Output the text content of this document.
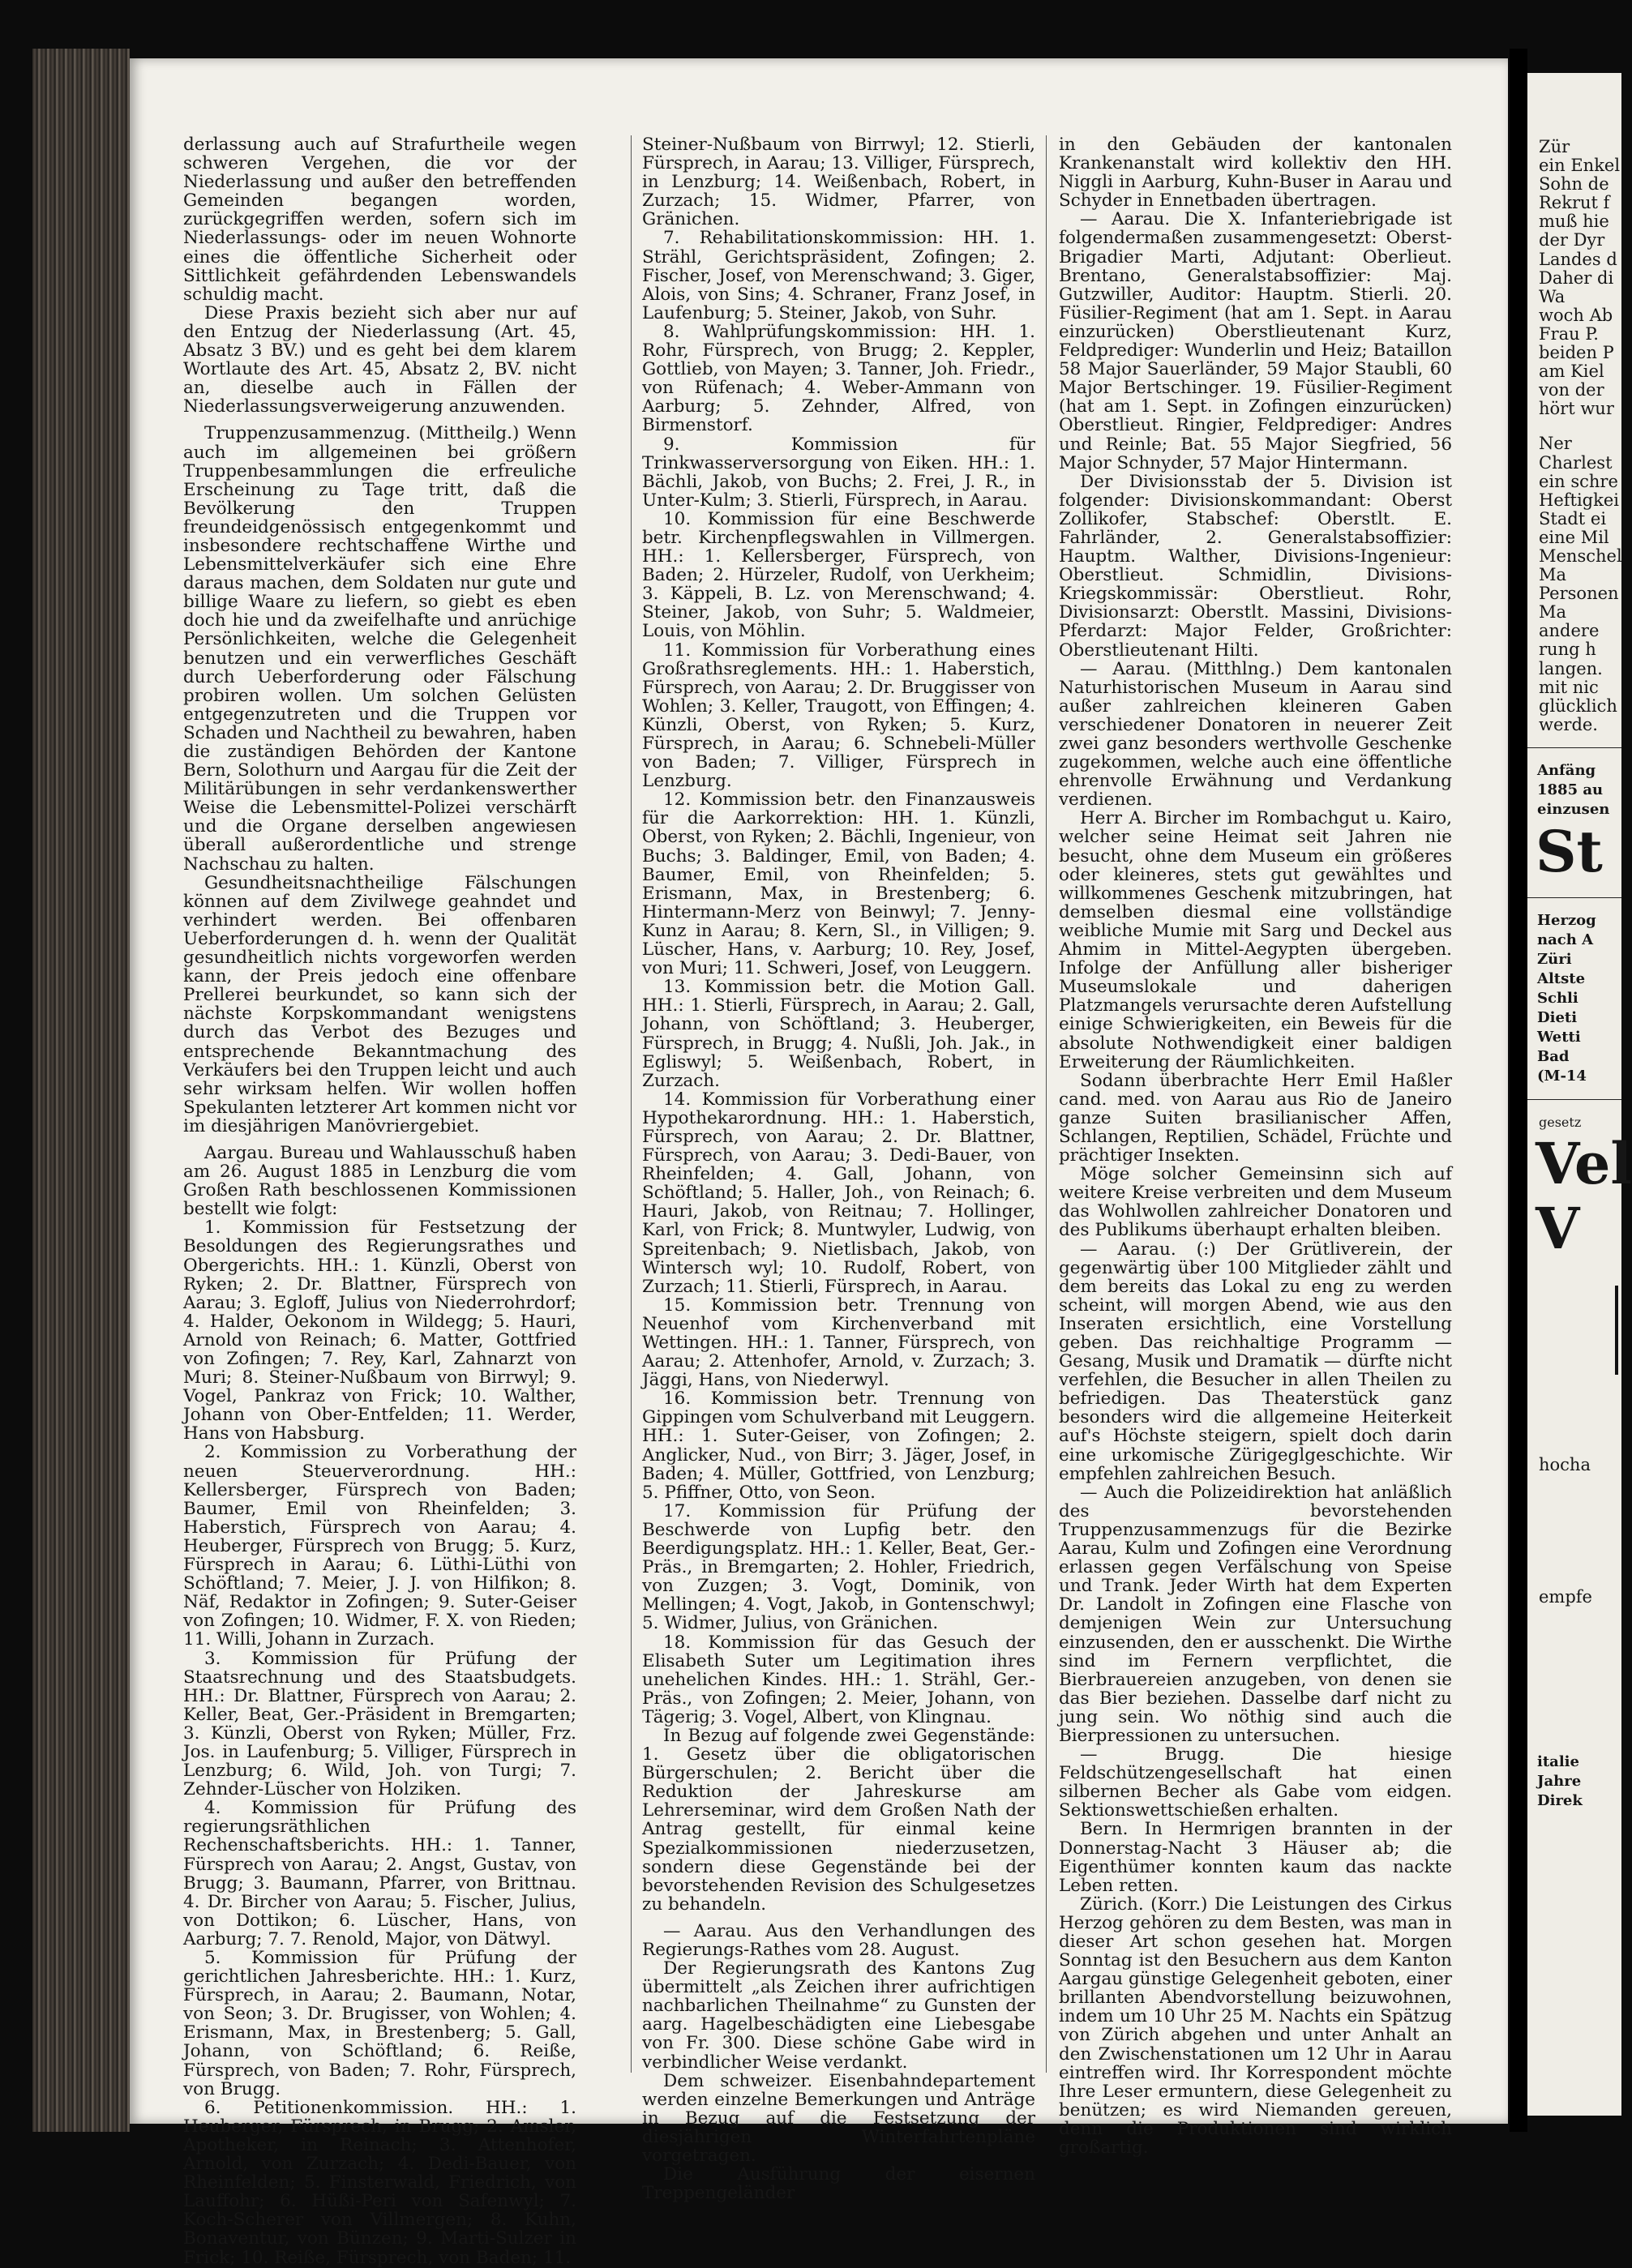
derlassung auch auf Strafurtheile wegen schweren Vergehen, die vor der Niederlassung und außer den betreffenden Gemeinden begangen worden, zurückgegriffen werden, sofern sich im Niederlassungs- oder im neuen Wohnorte eines die öffentliche Sicherheit oder Sittlichkeit gefährdenden Lebenswandels schuldig macht.

Diese Praxis bezieht sich aber nur auf den Entzug der Niederlassung (Art. 45, Absatz 3 BV.) und es geht bei dem klarem Wortlaute des Art. 45, Absatz 2, BV. nicht an, dieselbe auch in Fällen der Niederlassungsverweigerung anzuwenden.

Truppenzusammenzug. (Mittheilg.) Wenn auch im allgemeinen bei größern Truppenbesammlungen die erfreuliche Erscheinung zu Tage tritt, daß die Bevölkerung den Truppen freundeidgenössisch entgegenkommt und insbesondere rechtschaffene Wirthe und Lebensmittelverkäufer sich eine Ehre daraus machen, dem Soldaten nur gute und billige Waare zu liefern, so giebt es eben doch hie und da zweifelhafte und anrüchige Persönlichkeiten, welche die Gelegenheit benutzen und ein verwerfliches Geschäft durch Ueberforderung oder Fälschung probiren wollen. Um solchen Gelüsten entgegenzutreten und die Truppen vor Schaden und Nachtheil zu bewahren, haben die zuständigen Behörden der Kantone Bern, Solothurn und Aargau für die Zeit der Militärübungen in sehr verdankenswerther Weise die Lebensmittel-Polizei verschärft und die Organe derselben angewiesen überall außerordentliche und strenge Nachschau zu halten.

Gesundheitsnachtheilige Fälschungen können auf dem Zivilwege geahndet und verhindert werden. Bei offenbaren Ueberforderungen d. h. wenn der Qualität gesundheitlich nichts vorgeworfen werden kann, der Preis jedoch eine offenbare Prellerei beurkundet, so kann sich der nächste Korpskommandant wenigstens durch das Verbot des Bezuges und entsprechende Bekanntmachung des Verkäufers bei den Truppen leicht und auch sehr wirksam helfen. Wir wollen hoffen Spekulanten letzterer Art kommen nicht vor im diesjährigen Manövriergebiet.

Aargau. Bureau und Wahlausschuß haben am 26. August 1885 in Lenzburg die vom Großen Rath beschlossenen Kommissionen bestellt wie folgt:

1. Kommission für Festsetzung der Besoldungen des Regierungsrathes und Obergerichts. HH.: 1. Künzli, Oberst von Ryken; 2. Dr. Blattner, Fürsprech von Aarau; 3. Egloff, Julius von Niederrohrdorf; 4. Halder, Oekonom in Wildegg; 5. Hauri, Arnold von Reinach; 6. Matter, Gottfried von Zofingen; 7. Rey, Karl, Zahnarzt von Muri; 8. Steiner-Nußbaum von Birrwyl; 9. Vogel, Pankraz von Frick; 10. Walther, Johann von Ober-Entfelden; 11. Werder, Hans von Habsburg.

2. Kommission zu Vorberathung der neuen Steuerverordnung. HH.: Kellersberger, Fürsprech von Baden; Baumer, Emil von Rheinfelden; 3. Haberstich, Fürsprech von Aarau; 4. Heuberger, Fürsprech von Brugg; 5. Kurz, Fürsprech in Aarau; 6. Lüthi-Lüthi von Schöftland; 7. Meier, J. J. von Hilfikon; 8. Näf, Redaktor in Zofingen; 9. Suter-Geiser von Zofingen; 10. Widmer, F. X. von Rieden; 11. Willi, Johann in Zurzach.

3. Kommission für Prüfung der Staatsrechnung und des Staatsbudgets. HH.: Dr. Blattner, Fürsprech von Aarau; 2. Keller, Beat, Ger.-Präsident in Bremgarten; 3. Künzli, Oberst von Ryken; Müller, Frz. Jos. in Laufenburg; 5. Villiger, Fürsprech in Lenzburg; 6. Wild, Joh. von Turgi; 7. Zehnder-Lüscher von Holziken.

4. Kommission für Prüfung des regierungsräthlichen Rechenschaftsberichts. HH.: 1. Tanner, Fürsprech von Aarau; 2. Angst, Gustav, von Brugg; 3. Baumann, Pfarrer, von Brittnau. 4. Dr. Bircher von Aarau; 5. Fischer, Julius, von Dottikon; 6. Lüscher, Hans, von Aarburg; 7. 7. Renold, Major, von Dätwyl.

5. Kommission für Prüfung der gerichtlichen Jahresberichte. HH.: 1. Kurz, Fürsprech, in Aarau; 2. Baumann, Notar, von Seon; 3. Dr. Brugisser, von Wohlen; 4. Erismann, Max, in Brestenberg; 5. Gall, Johann, von Schöftland; 6. Reiße, Fürsprech, von Baden; 7. Rohr, Fürsprech, von Brugg.

6. Petitionenkommission. HH.: 1. Heuberger, Fürsprech, in Brugg; 2. Amsler, Apotheker, in Reinach; 3. Attenhofer, Arnold, von Zurzach; 4. Dedi-Bauer, von Rheinfelden; 5. Finsterwald, Friedrich, von Lauffohr; 6. Hüßi-Peri von Safenwyl; 7. Koch-Scherer von Villmergen; 8. Kuhn, Bonaventur, von Bünzen; 9. Marti-Sulzer in Frick; 10. Reiße, Fürsprech, von Baden; 11.

Steiner-Nußbaum von Birrwyl; 12. Stierli, Fürsprech, in Aarau; 13. Villiger, Fürsprech, in Lenzburg; 14. Weißenbach, Robert, in Zurzach; 15. Widmer, Pfarrer, von Gränichen.

7. Rehabilitationskommission: HH. 1. Strähl, Gerichtspräsident, Zofingen; 2. Fischer, Josef, von Merenschwand; 3. Giger, Alois, von Sins; 4. Schraner, Franz Josef, in Laufenburg; 5. Steiner, Jakob, von Suhr.

8. Wahlprüfungskommission: HH. 1. Rohr, Fürsprech, von Brugg; 2. Keppler, Gottlieb, von Mayen; 3. Tanner, Joh. Friedr., von Rüfenach; 4. Weber-Ammann von Aarburg; 5. Zehnder, Alfred, von Birmenstorf.

9. Kommission für Trinkwasserversorgung von Eiken. HH.: 1. Bächli, Jakob, von Buchs; 2. Frei, J. R., in Unter-Kulm; 3. Stierli, Fürsprech, in Aarau.

10. Kommission für eine Beschwerde betr. Kirchenpflegswahlen in Villmergen. HH.: 1. Kellersberger, Fürsprech, von Baden; 2. Hürzeler, Rudolf, von Uerkheim; 3. Käppeli, B. Lz. von Merenschwand; 4. Steiner, Jakob, von Suhr; 5. Waldmeier, Louis, von Möhlin.

11. Kommission für Vorberathung eines Großrathsreglements. HH.: 1. Haberstich, Fürsprech, von Aarau; 2. Dr. Bruggisser von Wohlen; 3. Keller, Traugott, von Effingen; 4. Künzli, Oberst, von Ryken; 5. Kurz, Fürsprech, in Aarau; 6. Schnebeli-Müller von Baden; 7. Villiger, Fürsprech in Lenzburg.

12. Kommission betr. den Finanzausweis für die Aarkorrektion: HH. 1. Künzli, Oberst, von Ryken; 2. Bächli, Ingenieur, von Buchs; 3. Baldinger, Emil, von Baden; 4. Baumer, Emil, von Rheinfelden; 5. Erismann, Max, in Brestenberg; 6. Hintermann-Merz von Beinwyl; 7. Jenny-Kunz in Aarau; 8. Kern, Sl., in Villigen; 9. Lüscher, Hans, v. Aarburg; 10. Rey, Josef, von Muri; 11. Schweri, Josef, von Leuggern.

13. Kommission betr. die Motion Gall. HH.: 1. Stierli, Fürsprech, in Aarau; 2. Gall, Johann, von Schöftland; 3. Heuberger, Fürsprech, in Brugg; 4. Nußli, Joh. Jak., in Egliswyl; 5. Weißenbach, Robert, in Zurzach.

14. Kommission für Vorberathung einer Hypothekarordnung. HH.: 1. Haberstich, Fürsprech, von Aarau; 2. Dr. Blattner, Fürsprech, von Aarau; 3. Dedi-Bauer, von Rheinfelden; 4. Gall, Johann, von Schöftland; 5. Haller, Joh., von Reinach; 6. Hauri, Jakob, von Reitnau; 7. Hollinger, Karl, von Frick; 8. Muntwyler, Ludwig, von Spreitenbach; 9. Nietlisbach, Jakob, von Wintersch wyl; 10. Rudolf, Robert, von Zurzach; 11. Stierli, Fürsprech, in Aarau.

15. Kommission betr. Trennung von Neuenhof vom Kirchenverband mit Wettingen. HH.: 1. Tanner, Fürsprech, von Aarau; 2. Attenhofer, Arnold, v. Zurzach; 3. Jäggi, Hans, von Niederwyl.

16. Kommission betr. Trennung von Gippingen vom Schulverband mit Leuggern. HH.: 1. Suter-Geiser, von Zofingen; 2. Anglicker, Nud., von Birr; 3. Jäger, Josef, in Baden; 4. Müller, Gottfried, von Lenzburg; 5. Pfiffner, Otto, von Seon.

17. Kommission für Prüfung der Beschwerde von Lupfig betr. den Beerdigungsplatz. HH.: 1. Keller, Beat, Ger.-Präs., in Bremgarten; 2. Hohler, Friedrich, von Zuzgen; 3. Vogt, Dominik, von Mellingen; 4. Vogt, Jakob, in Gontenschwyl; 5. Widmer, Julius, von Gränichen.

18. Kommission für das Gesuch der Elisabeth Suter um Legitimation ihres unehelichen Kindes. HH.: 1. Strähl, Ger.-Präs., von Zofingen; 2. Meier, Johann, von Tägerig; 3. Vogel, Albert, von Klingnau.

In Bezug auf folgende zwei Gegenstände: 1. Gesetz über die obligatorischen Bürgerschulen; 2. Bericht über die Reduktion der Jahreskurse am Lehrerseminar, wird dem Großen Nath der Antrag gestellt, für einmal keine Spezialkommissionen niederzusetzen, sondern diese Gegenstände bei der bevorstehenden Revision des Schulgesetzes zu behandeln.

— Aarau. Aus den Verhandlungen des Regierungs-Rathes vom 28. August.

Der Regierungsrath des Kantons Zug übermittelt „als Zeichen ihrer aufrichtigen nachbarlichen Theilnahme“ zu Gunsten der aarg. Hagelbeschädigten eine Liebesgabe von Fr. 300. Diese schöne Gabe wird in verbindlicher Weise verdankt.

Dem schweizer. Eisenbahndepartement werden einzelne Bemerkungen und Anträge in Bezug auf die Festsetzung der diesjährigen Winterfahrtenpläne vorgetragen.

Die Ausführung der eisernen Treppengeländer

in den Gebäuden der kantonalen Krankenanstalt wird kollektiv den HH. Niggli in Aarburg, Kuhn-Buser in Aarau und Schyder in Ennetbaden übertragen.

— Aarau. Die X. Infanteriebrigade ist folgendermaßen zusammengesetzt: Oberst-Brigadier Marti, Adjutant: Oberlieut. Brentano, Generalstabsoffizier: Maj. Gutzwiller, Auditor: Hauptm. Stierli. 20. Füsilier-Regiment (hat am 1. Sept. in Aarau einzurücken) Oberstlieutenant Kurz, Feldprediger: Wunderlin und Heiz; Bataillon 58 Major Sauerländer, 59 Major Staubli, 60 Major Bertschinger. 19. Füsilier-Regiment (hat am 1. Sept. in Zofingen einzurücken) Oberstlieut. Ringier, Feldprediger: Andres und Reinle; Bat. 55 Major Siegfried, 56 Major Schnyder, 57 Major Hintermann.

Der Divisionsstab der 5. Division ist folgender: Divisionskommandant: Oberst Zollikofer, Stabschef: Oberstlt. E. Fahrländer, 2. Generalstabsoffizier: Hauptm. Walther, Divisions-Ingenieur: Oberstlieut. Schmidlin, Divisions-Kriegskommissär: Oberstlieut. Rohr, Divisionsarzt: Oberstlt. Massini, Divisions-Pferdarzt: Major Felder, Großrichter: Oberstlieutenant Hilti.

— Aarau. (Mitthlng.) Dem kantonalen Naturhistorischen Museum in Aarau sind außer zahlreichen kleineren Gaben verschiedener Donatoren in neuerer Zeit zwei ganz besonders werthvolle Geschenke zugekommen, welche auch eine öffentliche ehrenvolle Erwähnung und Verdankung verdienen.

Herr A. Bircher im Rombachgut u. Kairo, welcher seine Heimat seit Jahren nie besucht, ohne dem Museum ein größeres oder kleineres, stets gut gewähltes und willkommenes Geschenk mitzubringen, hat demselben diesmal eine vollständige weibliche Mumie mit Sarg und Deckel aus Ahmim in Mittel-Aegypten übergeben. Infolge der Anfüllung aller bisheriger Museumslokale und daherigen Platzmangels verursachte deren Aufstellung einige Schwierigkeiten, ein Beweis für die absolute Nothwendigkeit einer baldigen Erweiterung der Räumlichkeiten.

Sodann überbrachte Herr Emil Haßler cand. med. von Aarau aus Rio de Janeiro ganze Suiten brasilianischer Affen, Schlangen, Reptilien, Schädel, Früchte und prächtiger Insekten.

Möge solcher Gemeinsinn sich auf weitere Kreise verbreiten und dem Museum das Wohlwollen zahlreicher Donatoren und des Publikums überhaupt erhalten bleiben.

— Aarau. (:) Der Grütliverein, der gegenwärtig über 100 Mitglieder zählt und dem bereits das Lokal zu eng zu werden scheint, will morgen Abend, wie aus den Inseraten ersichtlich, eine Vorstellung geben. Das reichhaltige Programm — Gesang, Musik und Dramatik — dürfte nicht verfehlen, die Besucher in allen Theilen zu befriedigen. Das Theaterstück ganz besonders wird die allgemeine Heiterkeit auf's Höchste steigern, spielt doch darin eine urkomische Zürigeglgeschichte. Wir empfehlen zahlreichen Besuch.

— Auch die Polizeidirektion hat anläßlich des bevorstehenden Truppenzusammenzugs für die Bezirke Aarau, Kulm und Zofingen eine Verordnung erlassen gegen Verfälschung von Speise und Trank. Jeder Wirth hat dem Experten Dr. Landolt in Zofingen eine Flasche von demjenigen Wein zur Untersuchung einzusenden, den er ausschenkt. Die Wirthe sind im Fernern verpflichtet, die Bierbrauereien anzugeben, von denen sie das Bier beziehen. Dasselbe darf nicht zu jung sein. Wo nöthig sind auch die Bierpressionen zu untersuchen.

— Brugg. Die hiesige Feldschützengesellschaft hat einen silbernen Becher als Gabe vom eidgen. Sektionswettschießen erhalten.

Bern. In Hermrigen brannten in der Donnerstag-Nacht 3 Häuser ab; die Eigenthümer konnten kaum das nackte Leben retten.

Zürich. (Korr.) Die Leistungen des Cirkus Herzog gehören zu dem Besten, was man in dieser Art schon gesehen hat. Morgen Sonntag ist den Besuchern aus dem Kanton Aargau günstige Gelegenheit geboten, einer brillanten Abendvorstellung beizuwohnen, indem um 10 Uhr 25 M. Nachts ein Spätzug von Zürich abgehen und unter Anhalt an den Zwischenstationen um 12 Uhr in Aarau eintreffen wird. Ihr Korrespondent möchte Ihre Leser ermuntern, diese Gelegenheit zu benützen; es wird Niemanden gereuen, denn die Produktionen sind wirklich großartig.

Zür
ein Enkel
Sohn de
Rekrut f
muß hie
der Dyr
Landes d
Daher di
Wa
woch Ab
Frau P.
beiden P
am Kiel
von der
hört wur
Ner
Charlest
ein schre
Heftigkei
Stadt ei
eine Mil
Menschel
Ma
Personen
Ma
andere
rung h
langen.
mit nic
glücklich
werde.
Anfäng
1885 au
einzusen
St
Herzog
nach A
Züri
Altste
Schli
Dieti
Wetti
Bad
(M-14
gesetz
Vel
V
hocha
empfe
italie
Jahre
Direk
